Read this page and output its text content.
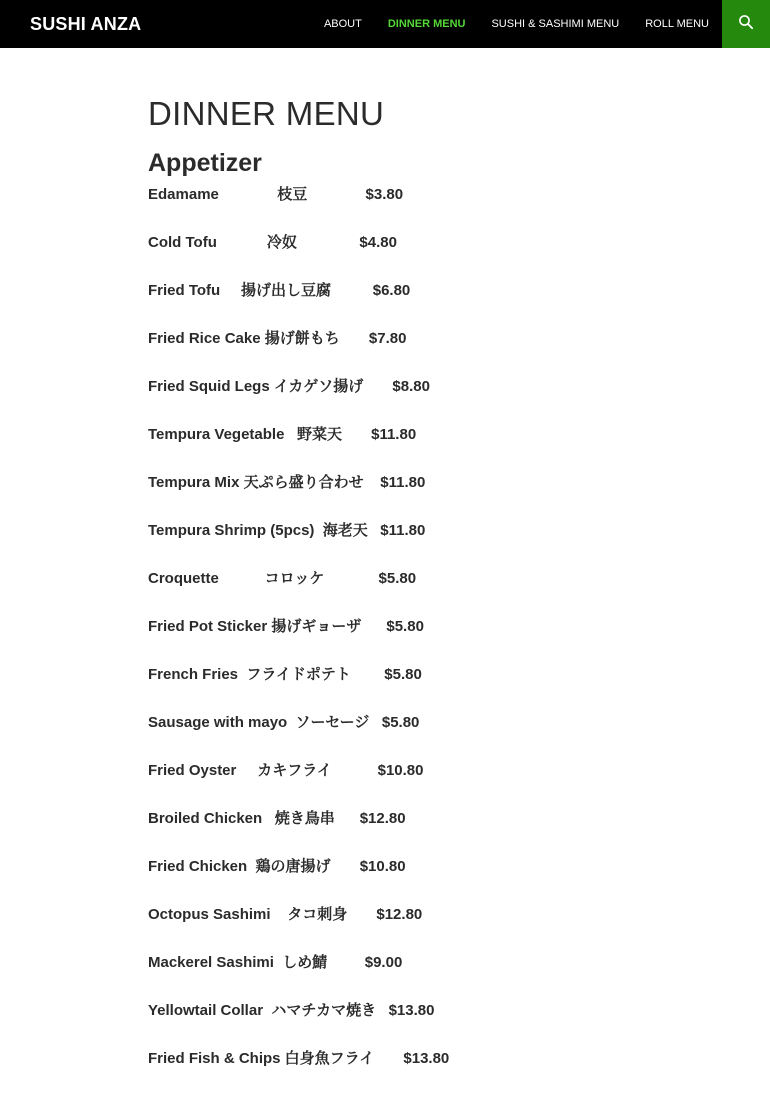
SUSHI ANZA	ABOUT	DINNER MENU	SUSHI & SASHIMI MENU	ROLL MENU
DINNER MENU
Appetizer
Edamame              枝豆              $3.80
Cold Tofu            冷奴               $4.80
Fried Tofu     揚げ出し豆腐          $6.80
Fried Rice Cake 揚げ餅もち       $7.80
Fried Squid Legs イカゲソ揚げ       $8.80
Tempura Vegetable   野菜天       $11.80
Tempura Mix 天ぷら盛り合わせ    $11.80
Tempura Shrimp (5pcs)  海老天   $11.80
Croquette           コロッケ             $5.80
Fried Pot Sticker 揚げギョーザ      $5.80
French Fries  フライドポテト        $5.80
Sausage with mayo  ソーセージ   $5.80
Fried Oyster     カキフライ           $10.80
Broiled Chicken   焼き鳥串      $12.80
Fried Chicken  鶏の唐揚げ       $10.80
Octopus Sashimi    タコ刺身       $12.80
Mackerel Sashimi  しめ鯖         $9.00
Yellowtail Collar  ハマチカマ焼き   $13.80
Fried Fish & Chips 白身魚フライ       $13.80
